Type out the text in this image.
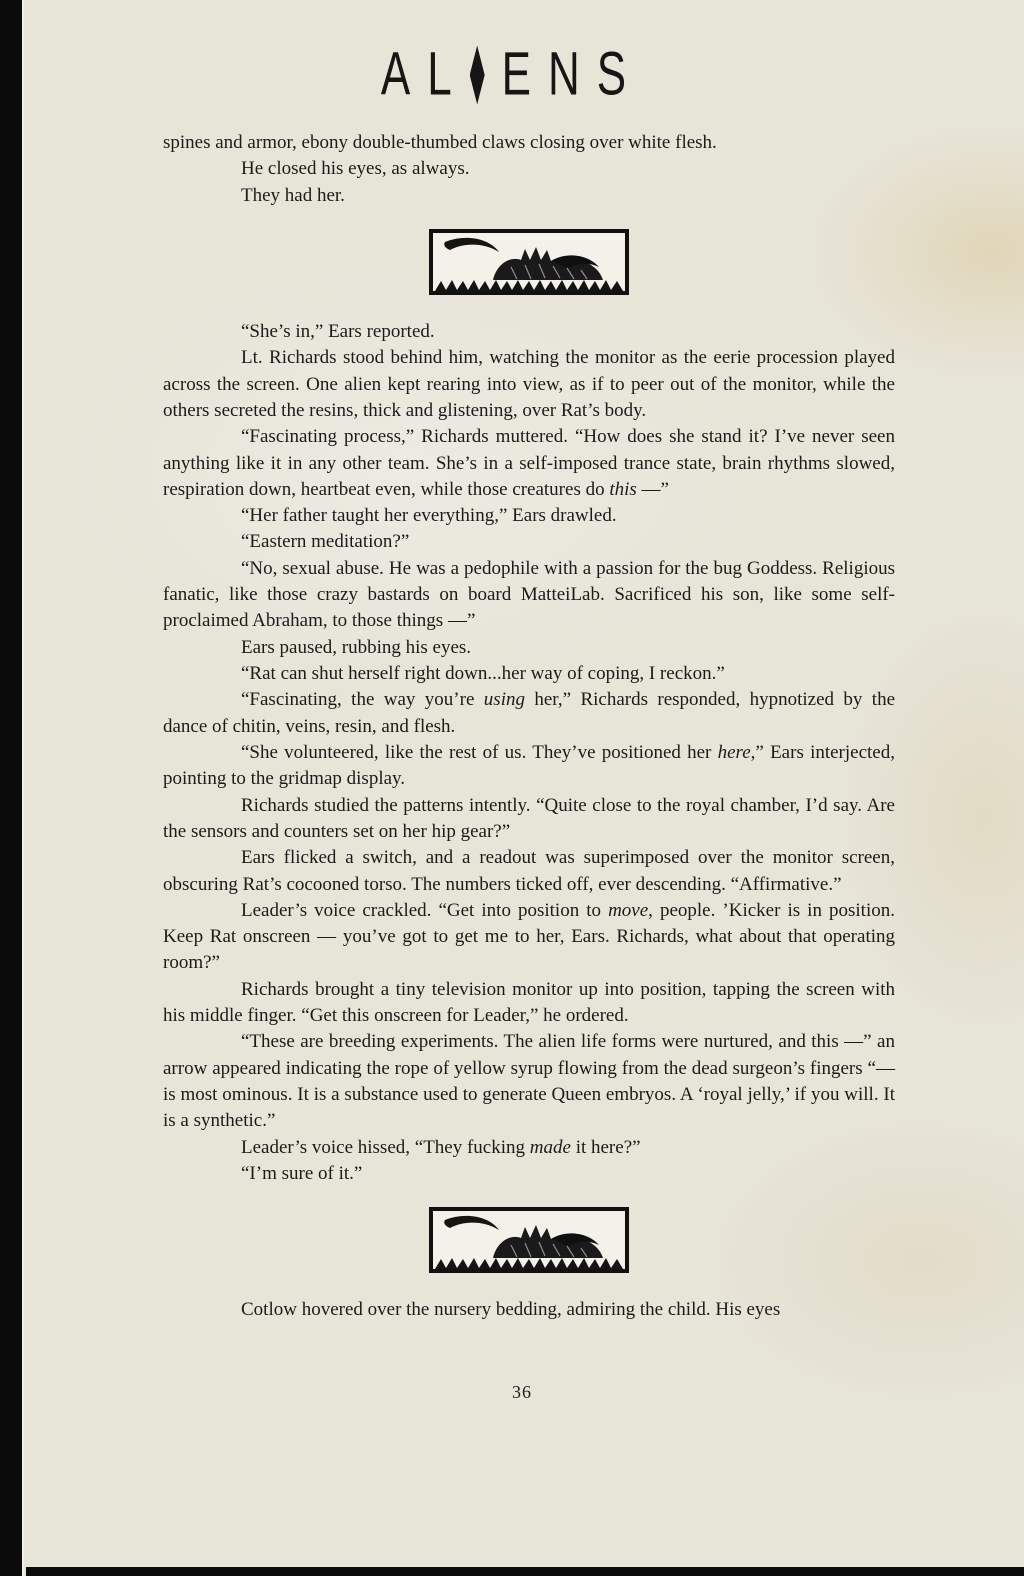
AL ENS

spines and armor, ebony double-thumbed claws closing over white flesh.

He closed his eyes, as always.

They had her.

“She’s in,” Ears reported.

Lt. Richards stood behind him, watching the monitor as the eerie procession played across the screen. One alien kept rearing into view, as if to peer out of the monitor, while the others secreted the resins, thick and glistening, over Rat’s body.

“Fascinating process,” Richards muttered. “How does she stand it? I’ve never seen anything like it in any other team. She’s in a self-imposed trance state, brain rhythms slowed, respiration down, heartbeat even, while those creatures do this —”

“Her father taught her everything,” Ears drawled.

“Eastern meditation?”

“No, sexual abuse. He was a pedophile with a passion for the bug Goddess. Religious fanatic, like those crazy bastards on board MatteiLab. Sacrificed his son, like some self-proclaimed Abraham, to those things —”

Ears paused, rubbing his eyes.

“Rat can shut herself right down...her way of coping, I reckon.”

“Fascinating, the way you’re using her,” Richards responded, hypnotized by the dance of chitin, veins, resin, and flesh.

“She volunteered, like the rest of us. They’ve positioned her here,” Ears interjected, pointing to the gridmap display.

Richards studied the patterns intently. “Quite close to the royal chamber, I’d say. Are the sensors and counters set on her hip gear?”

Ears flicked a switch, and a readout was superimposed over the monitor screen, obscuring Rat’s cocooned torso. The numbers ticked off, ever descending. “Affirmative.”

Leader’s voice crackled. “Get into position to move, people. ’Kicker is in position. Keep Rat onscreen — you’ve got to get me to her, Ears. Richards, what about that operating room?”

Richards brought a tiny television monitor up into position, tapping the screen with his middle finger. “Get this onscreen for Leader,” he ordered.

“These are breeding experiments. The alien life forms were nurtured, and this —” an arrow appeared indicating the rope of yellow syrup flowing from the dead surgeon’s fingers “— is most ominous. It is a substance used to generate Queen embryos. A ‘royal jelly,’ if you will. It is a synthetic.”

Leader’s voice hissed, “They fucking made it here?”

“I’m sure of it.”

Cotlow hovered over the nursery bedding, admiring the child. His eyes

36
